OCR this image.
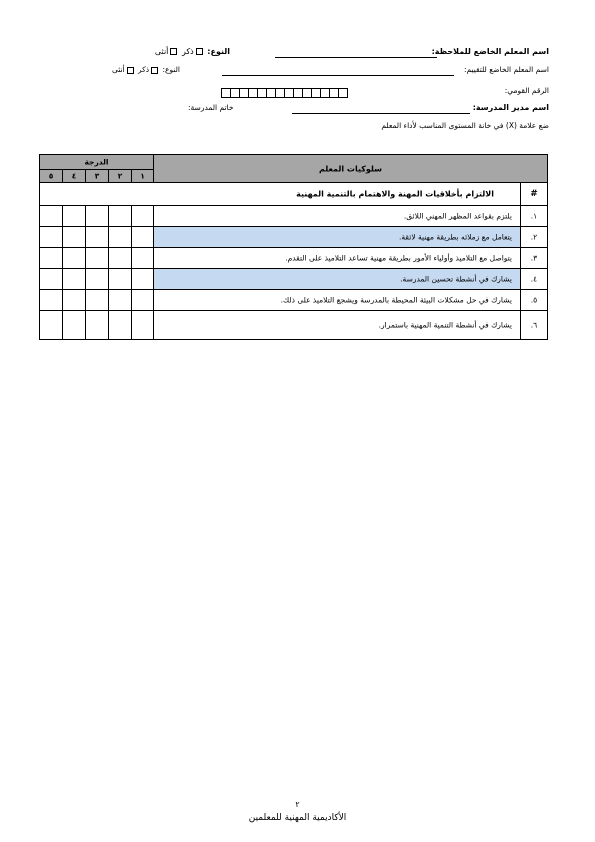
اسم المعلم الخاضع للملاحظة:
النوع: ذكر أنثى
اسم المعلم الخاضع للتقييم:
النوع: ذكر أنثى
الرقم القومي:
اسم مدير المدرسة:
خاتم المدرسة:
ضع علامة (X) في خانة المستوى المناسب لأداء المعلم
سلوكيات المعلم
الدرجة
١
٢
٣
٤
٥
#
الالتزام بأخلاقيات المهنة والاهتمام بالتنمية المهنية
١.
يلتزم بقواعد المظهر المهني اللائق.
٢.
يتعامل مع زملائه بطريقة مهنية لائقة.
٣.
يتواصل مع التلاميذ وأولياء الأمور بطريقة مهنية تساعد التلاميذ على التقدم.
٤.
يشارك في أنشطة تحسين المدرسة.
٥.
يشارك في حل مشكلات البيئة المحيطة بالمدرسة ويشجع التلاميذ على ذلك.
٦.
يشارك في أنشطة التنمية المهنية باستمرار.
٢
الأكاديمية المهنية للمعلمين
